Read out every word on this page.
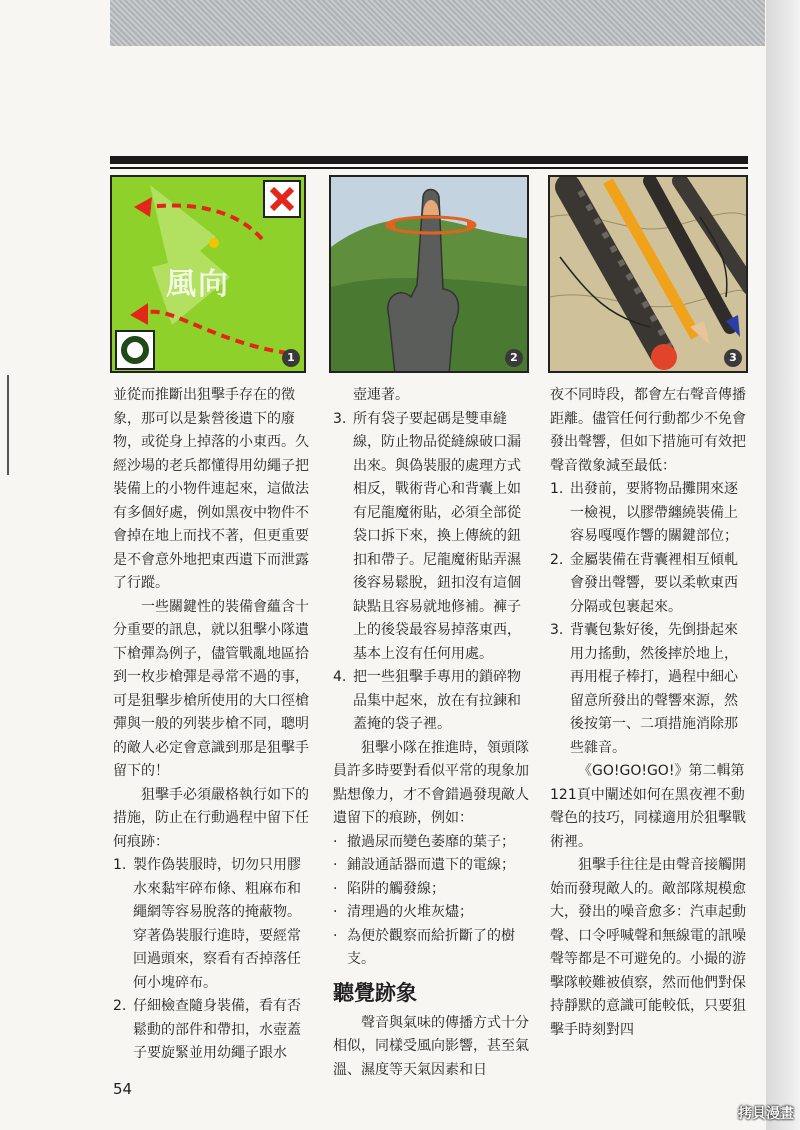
風向
1	2	3

並從而推斷出狙擊手存在的徵象，那可以是紮營後遺下的廢物，或從身上掉落的小東西。久經沙場的老兵都懂得用幼繩子把裝備上的小物件連起來，這做法有多個好處，例如黑夜中物件不會掉在地上而找不著，但更重要是不會意外地把東西遺下而泄露了行蹤。

一些關鍵性的裝備會蘊含十分重要的訊息，就以狙擊小隊遺下槍彈為例子，儘管戰亂地區拾到一枚步槍彈是尋常不過的事，可是狙擊步槍所使用的大口徑槍彈與一般的列裝步槍不同，聰明的敵人必定會意識到那是狙擊手留下的！

狙擊手必須嚴格執行如下的措施，防止在行動過程中留下任何痕跡：

1. 製作偽裝服時，切勿只用膠水來黏牢碎布條、粗麻布和繩網等容易脫落的掩蔽物。穿著偽裝服行進時，要經常回過頭來，察看有否掉落任何小塊碎布。
2. 仔細檢查隨身裝備，看有否鬆動的部件和帶扣，水壺蓋子要旋緊並用幼繩子跟水

壺連著。

3. 所有袋子要起碼是雙車縫線，防止物品從縫線破口漏出來。與偽裝服的處理方式相反，戰術背心和背囊上如有尼龍魔術貼，必須全部從袋口拆下來，換上傳統的鈕扣和帶子。尼龍魔術貼弄濕後容易鬆脫，鈕扣沒有這個缺點且容易就地修補。褲子上的後袋最容易掉落東西，基本上沒有任何用處。
4. 把一些狙擊手專用的鎖碎物品集中起來，放在有拉鍊和蓋掩的袋子裡。

狙擊小隊在推進時，領頭隊員許多時要對看似平常的現象加點想像力，才不會錯過發現敵人遺留下的痕跡，例如：

· 撤過尿而變色萎靡的葉子；
· 鋪設通話器而遺下的電線；
· 陷阱的觸發線；
· 清理過的火堆灰燼；
· 為便於觀察而給折斷了的樹支。
聽覺跡象

聲音與氣味的傳播方式十分相似，同樣受風向影響，甚至氣溫、濕度等天氣因素和日

夜不同時段，都會左右聲音傳播距離。儘管任何行動都少不免會發出聲響，但如下措施可有效把聲音徵象減至最低：

1. 出發前，要將物品攤開來逐一檢視，以膠帶纏繞裝備上容易嘎嘎作響的關鍵部位；
2. 金屬裝備在背囊裡相互傾軋會發出聲響，要以柔軟東西分隔或包裹起來。
3. 背囊包紮好後，先倒掛起來用力搖動，然後摔於地上，再用棍子棒打，過程中細心留意所發出的聲響來源，然後按第一、二項措施消除那些雜音。

《GO!GO!GO!》第二輯第121頁中闡述如何在黑夜裡不動聲色的技巧，同樣適用於狙擊戰術裡。

狙擊手往往是由聲音接觸開始而發現敵人的。敵部隊規模愈大，發出的噪音愈多：汽車起動聲、口令呼喊聲和無線電的訊噪聲等都是不可避免的。小撮的游擊隊較難被偵察，然而他們對保持靜默的意識可能較低，只要狙擊手時刻對四

54
拷貝漫畫
